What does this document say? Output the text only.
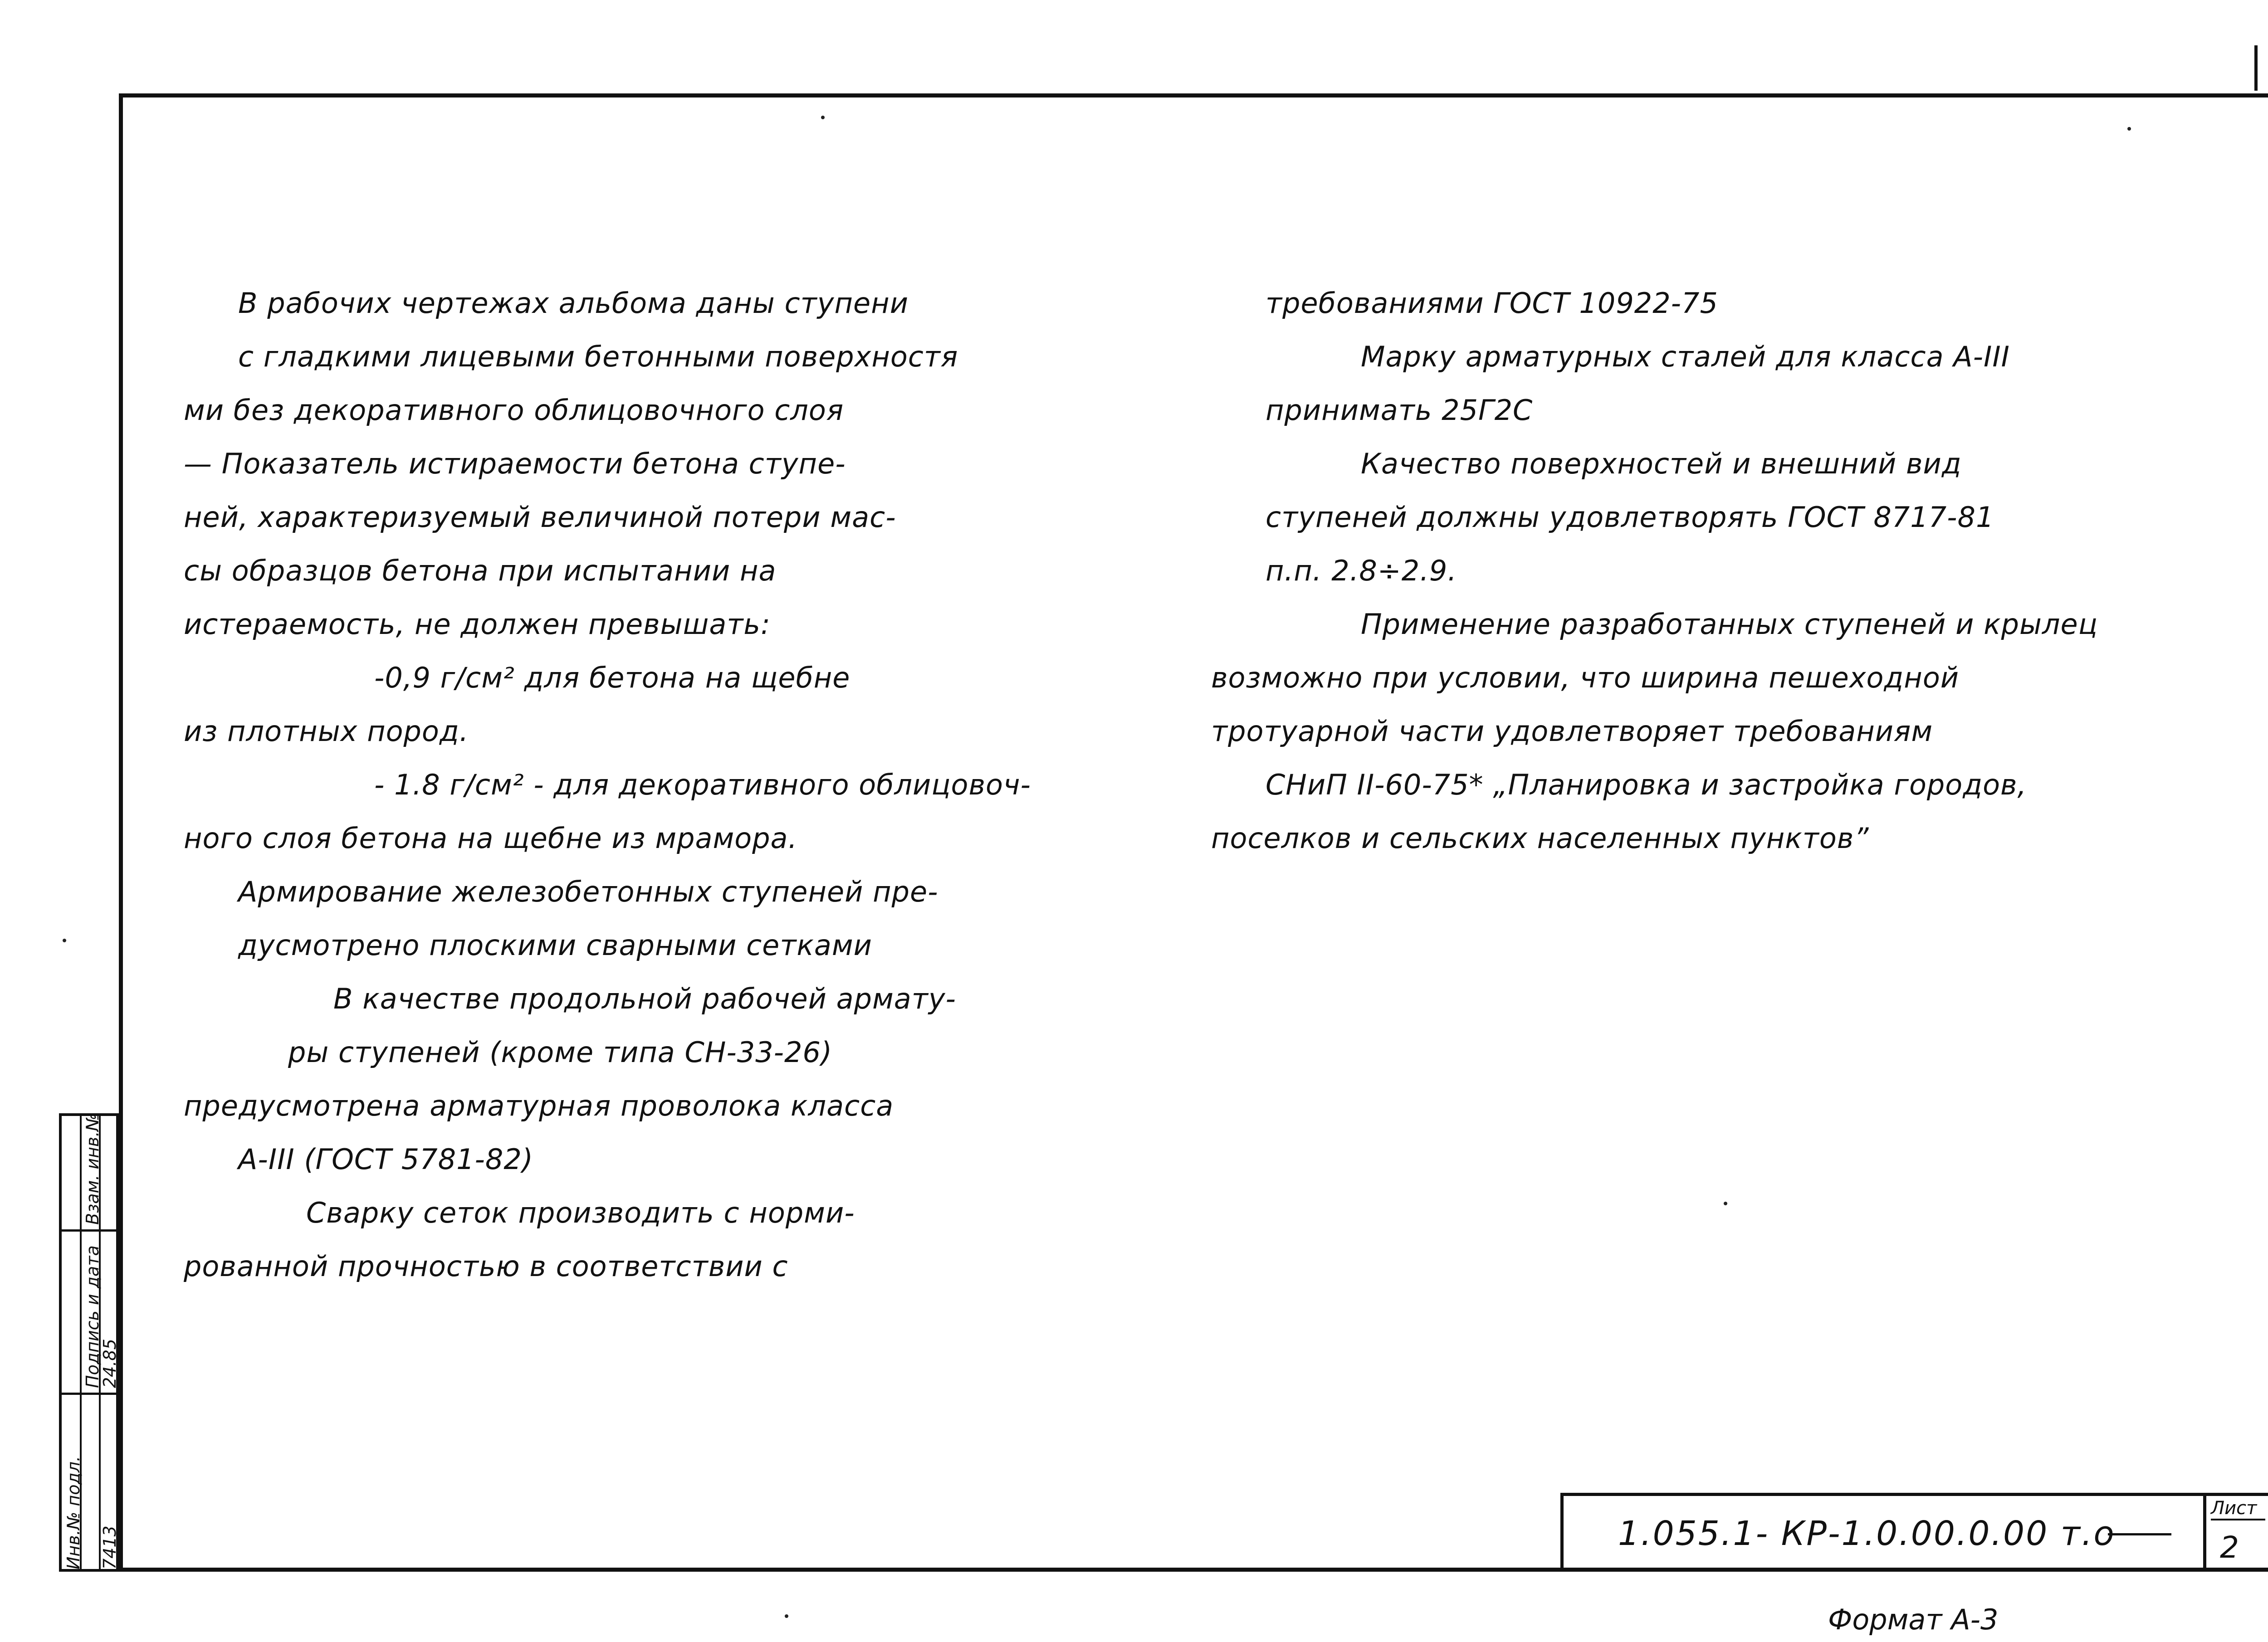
В рабочих чертежах альбома даны ступени
с гладкими лицевыми бетонными поверхностя
ми без декоративного облицовочного слоя
— Показатель истираемости бетона ступе-
ней, характеризуемый величиной потери мас-
сы образцов бетона при испытании на
истераемость, не должен превышать:
-0,9 г/см² для бетона на щебне
из плотных пород.
- 1.8 г/см² - для декоративного облицовоч-
ного слоя бетона на щебне из мрамора.
Армирование железобетонных ступеней пре-
дусмотрено плоскими сварными сетками
В качестве продольной рабочей армату-
ры ступеней (кроме типа СН-33-26)
предусмотрена арматурная проволока класса
А-III (ГОСТ 5781-82)
Сварку сеток производить с норми-
рованной прочностью в соответствии с
требованиями ГОСТ 10922-75
Марку арматурных сталей для класса А-III
принимать 25Г2С
Качество поверхностей и внешний вид
ступеней должны удовлетворять ГОСТ 8717-81
п.п. 2.8÷2.9.
Применение разработанных ступеней и крылец
возможно при условии, что ширина пешеходной
тротуарной части удовлетворяет требованиям
СНиП II-60-75* „Планировка и застройка городов,
поселков и сельских населенных пунктов”
1.055.1- КР-1.0.00.0.00 т.о
Лист
2
Формат А-3
Инв.№ подл.
Подпись и дата
Взам. инв.№
7413
24.85
